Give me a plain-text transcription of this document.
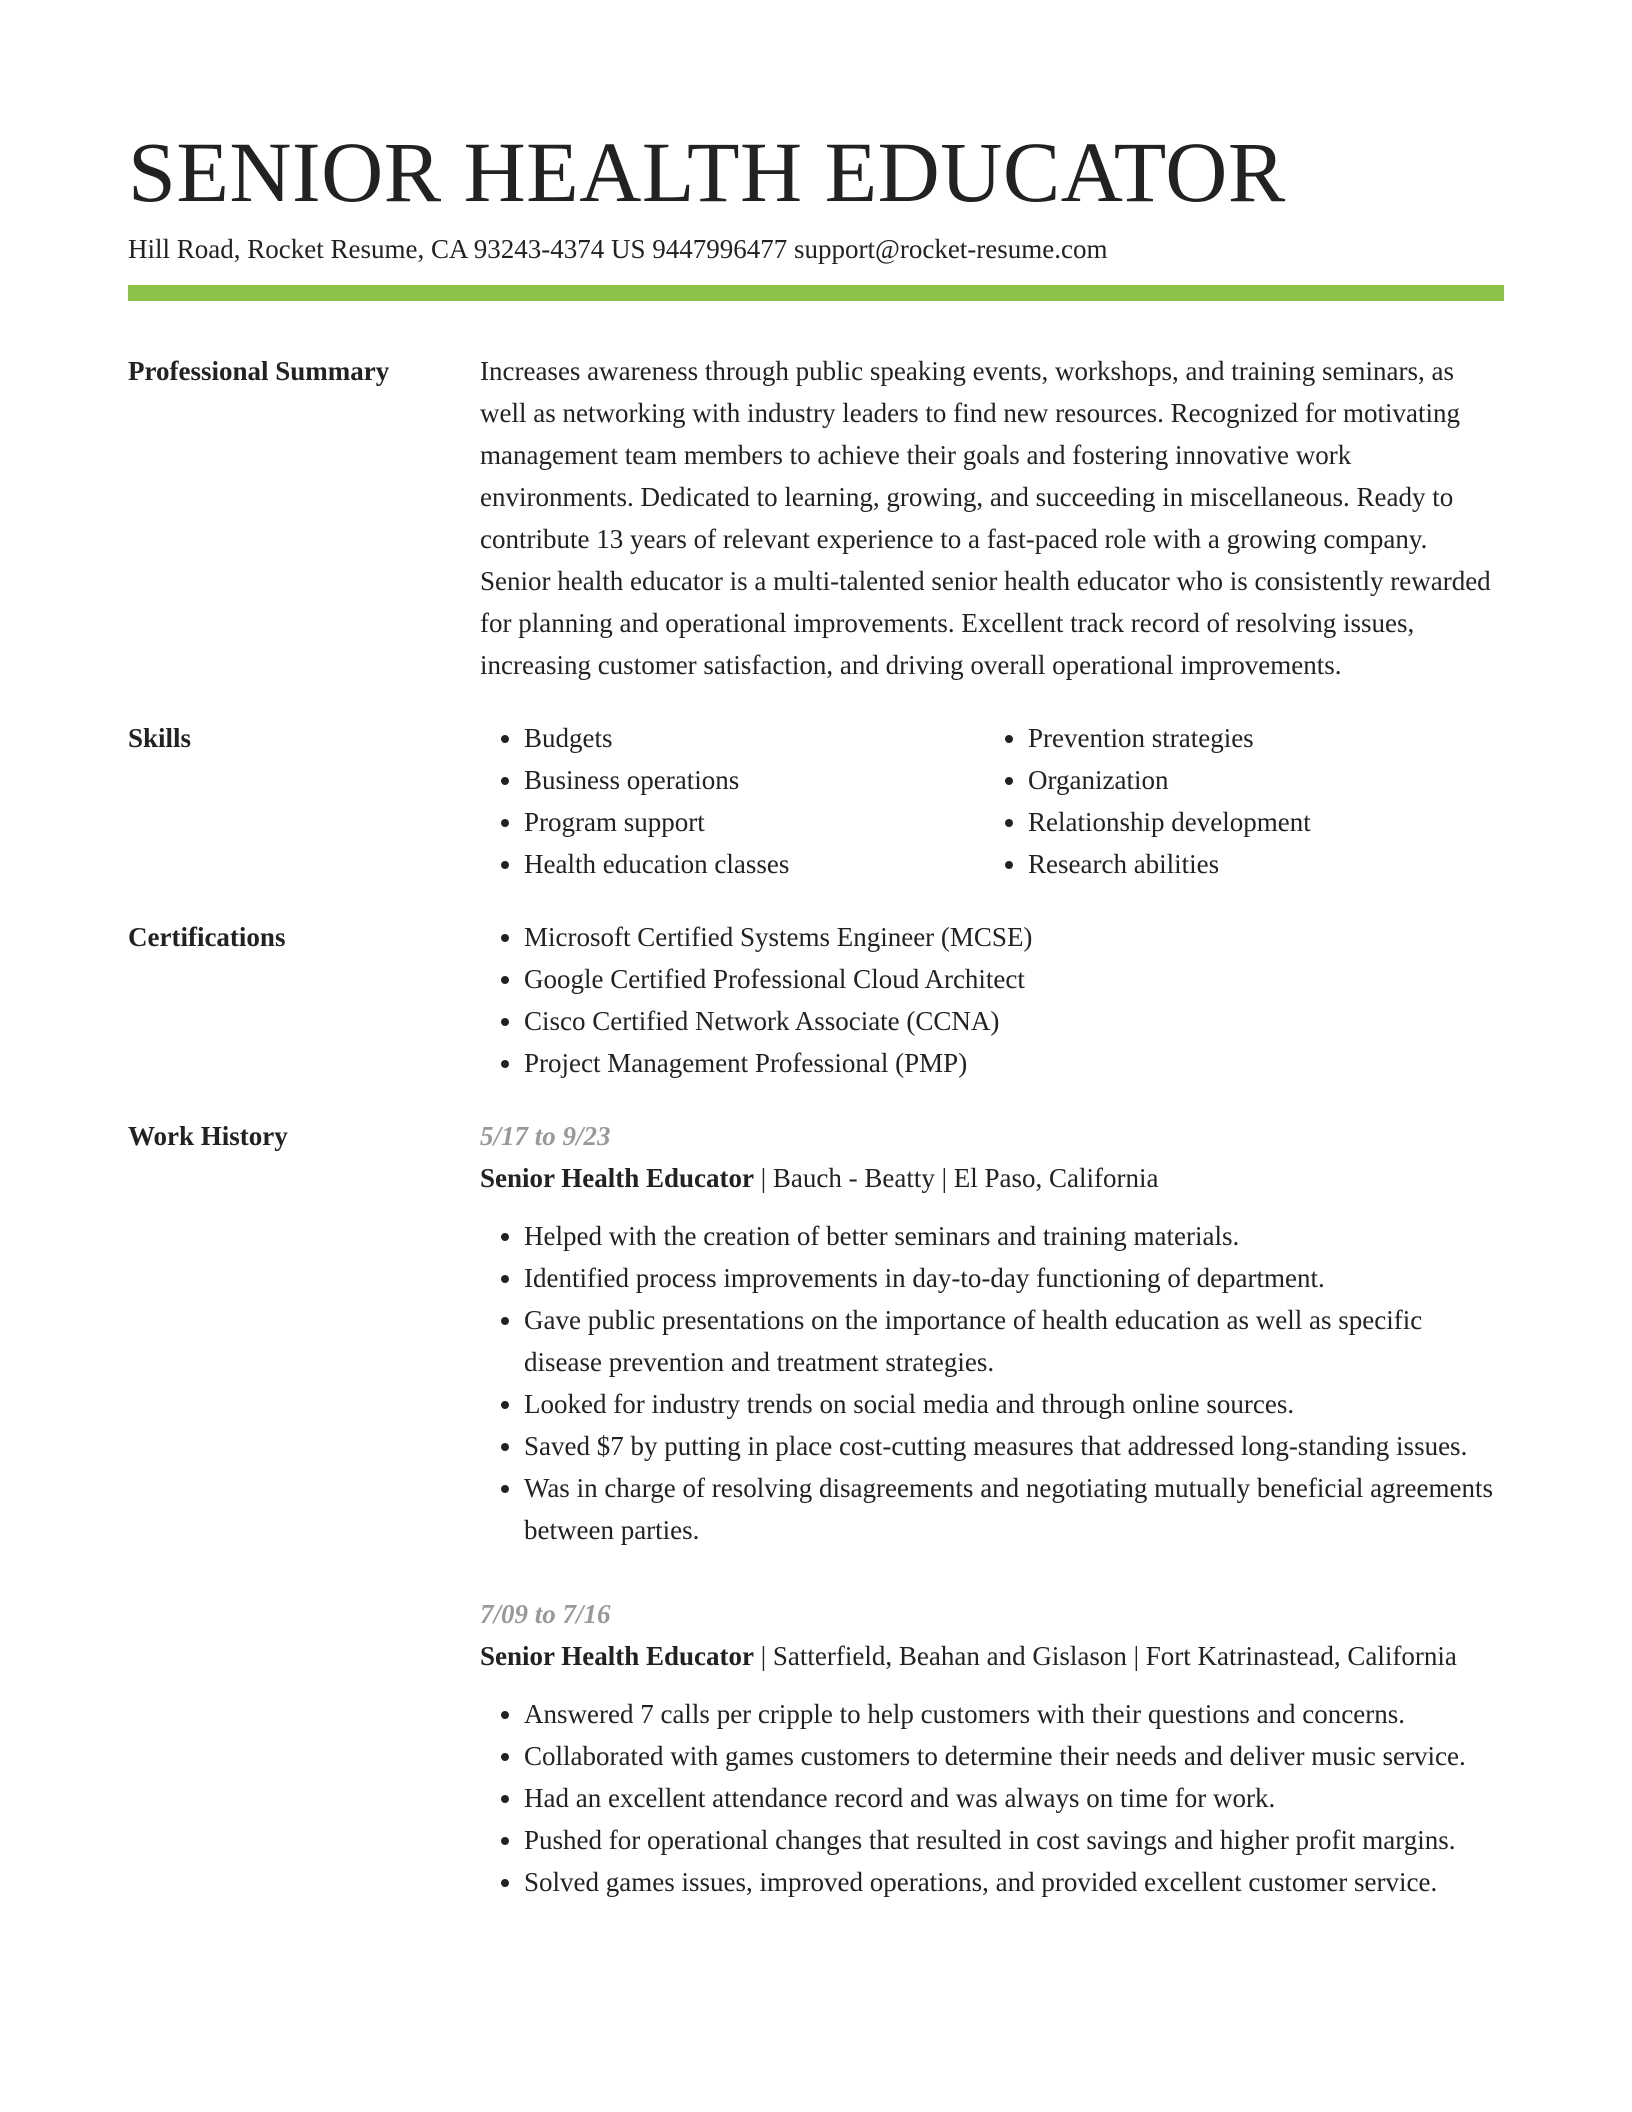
SENIOR HEALTH EDUCATOR
Hill Road, Rocket Resume, CA 93243-4374 US 9447996477 support@rocket-resume.com
Professional Summary	Increases awareness through public speaking events, workshops, and training seminars, as well as networking with industry leaders to find new resources. Recognized for motivating management team members to achieve their goals and fostering innovative work environments. Dedicated to learning, growing, and succeeding in miscellaneous. Ready to contribute 13 years of relevant experience to a fast-paced role with a growing company. Senior health educator is a multi-talented senior health educator who is consistently rewarded for planning and operational improvements. Excellent track record of resolving issues, increasing customer satisfaction, and driving overall operational improvements.

Skills	• Budgets
• Business operations
• Program support
• Health education classes
• Prevention strategies
• Organization
• Relationship development
• Research abilities
Certifications	• Microsoft Certified Systems Engineer (MCSE)
• Google Certified Professional Cloud Architect
• Cisco Certified Network Associate (CCNA)
• Project Management Professional (PMP)
Work History	5/17 to 9/23
Senior Health Educator | Bauch - Beatty | El Paso, California
• Helped with the creation of better seminars and training materials.
• Identified process improvements in day-to-day functioning of department.
• Gave public presentations on the importance of health education as well as specific disease prevention and treatment strategies.
• Looked for industry trends on social media and through online sources.
• Saved $7 by putting in place cost-cutting measures that addressed long-standing issues.
• Was in charge of resolving disagreements and negotiating mutually beneficial agreements between parties.
7/09 to 7/16
Senior Health Educator | Satterfield, Beahan and Gislason | Fort Katrinastead, California
• Answered 7 calls per cripple to help customers with their questions and concerns.
• Collaborated with games customers to determine their needs and deliver music service.
• Had an excellent attendance record and was always on time for work.
• Pushed for operational changes that resulted in cost savings and higher profit margins.
• Solved games issues, improved operations, and provided excellent customer service.
